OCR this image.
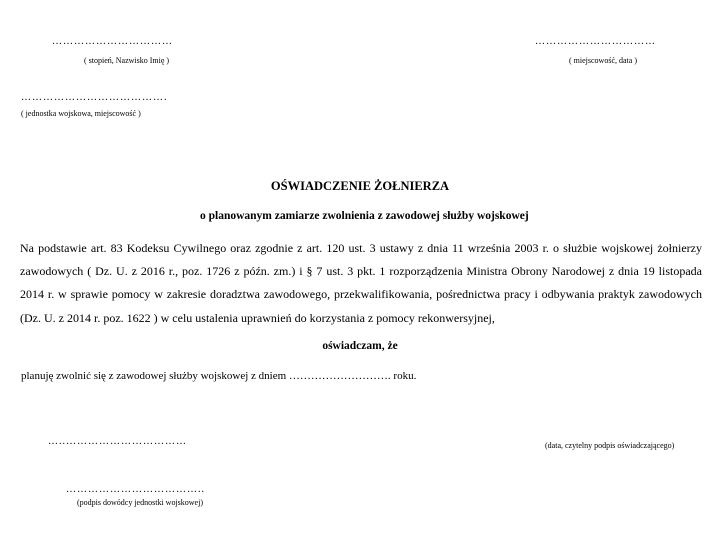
……………………………
( stopień, Nazwisko Imię )
……………………………
( miejscowość, data )
………………………………….
( jednostka wojskowa, miejscowość )
OŚWIADCZENIE ŻOŁNIERZA
o planowanym zamiarze zwolnienia z zawodowej służby wojskowej
Na podstawie art. 83 Kodeksu Cywilnego oraz zgodnie z art. 120 ust. 3 ustawy z dnia 11 września 2003 r. o służbie wojskowej żołnierzy zawodowych ( Dz. U. z 2016 r., poz. 1726 z późn. zm.) i § 7 ust. 3 pkt. 1 rozporządzenia Ministra Obrony Narodowej z dnia 19 listopada 2014 r. w sprawie pomocy w zakresie doradztwa zawodowego, przekwalifikowania, pośrednictwa pracy i odbywania praktyk zawodowych (Dz. U. z 2014 r. poz. 1622 ) w celu ustalenia uprawnień do korzystania z pomocy rekonwersyjnej,
oświadczam, że
planuję zwolnić się z zawodowej służby wojskowej z dniem ………………………. roku.
…..……………………………	(data, czytelny podpis oświadczającego)
………………………………..
(podpis dowódcy jednostki wojskowej)
